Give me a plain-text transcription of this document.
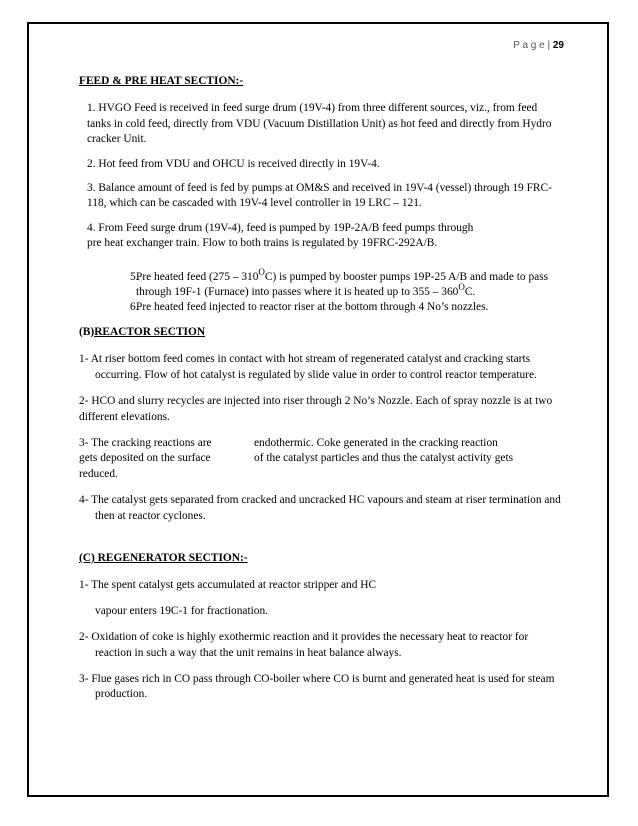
P a g e | 29

FEED & PRE HEAT SECTION:-

1. HVGO Feed is received in feed surge drum (19V-4) from three different sources, viz., from feed tanks in cold feed, directly from VDU (Vacuum Distillation Unit) as hot feed and directly from Hydro cracker Unit.

2. Hot feed from VDU and OHCU is received directly in 19V-4.

3. Balance amount of feed is fed by pumps at OM&S and received in 19V-4 (vessel) through 19 FRC-118, which can be cascaded with 19V-4 level controller in 19 LRC – 121.

4. From Feed surge drum (19V-4), feed is pumped by 19P-2A/B feed pumps through
pre heat exchanger train. Flow to both trains is regulated by 19FRC-292A/B.
5.
Pre heated feed $(275 - 310^OC)$ is pumped by booster pumps 19P-25 A/B and made to pass through 19F-1 (Furnace) into passes where it is heated up to $355 - 360^OC$.
6.
Pre heated feed injected to reactor riser at the bottom through 4 No’s nozzles.

(B)REACTOR SECTION

1- At riser bottom feed comes in contact with hot stream of regenerated catalyst and cracking starts occurring. Flow of hot catalyst is regulated by slide value in order to control reactor temperature.

2- HCO and slurry recycles are injected into riser through 2 No’s Nozzle. Each of spray nozzle is at two different elevations.

3- The cracking reactions are	endothermic. Coke generated in the cracking reaction
gets deposited on the surface	of the catalyst particles and thus the catalyst activity gets
reduced.

4- The catalyst gets separated from cracked and uncracked HC vapours and steam at riser termination and then at reactor cyclones.

(C) REGENERATOR SECTION:-

1- The spent catalyst gets accumulated at reactor stripper and HC

vapour enters 19C-1 for fractionation.

2- Oxidation of coke is highly exothermic reaction and it provides the necessary heat to reactor for reaction in such a way that the unit remains in heat balance always.

3- Flue gases rich in CO pass through CO-boiler where CO is burnt and generated heat is used for steam production.
